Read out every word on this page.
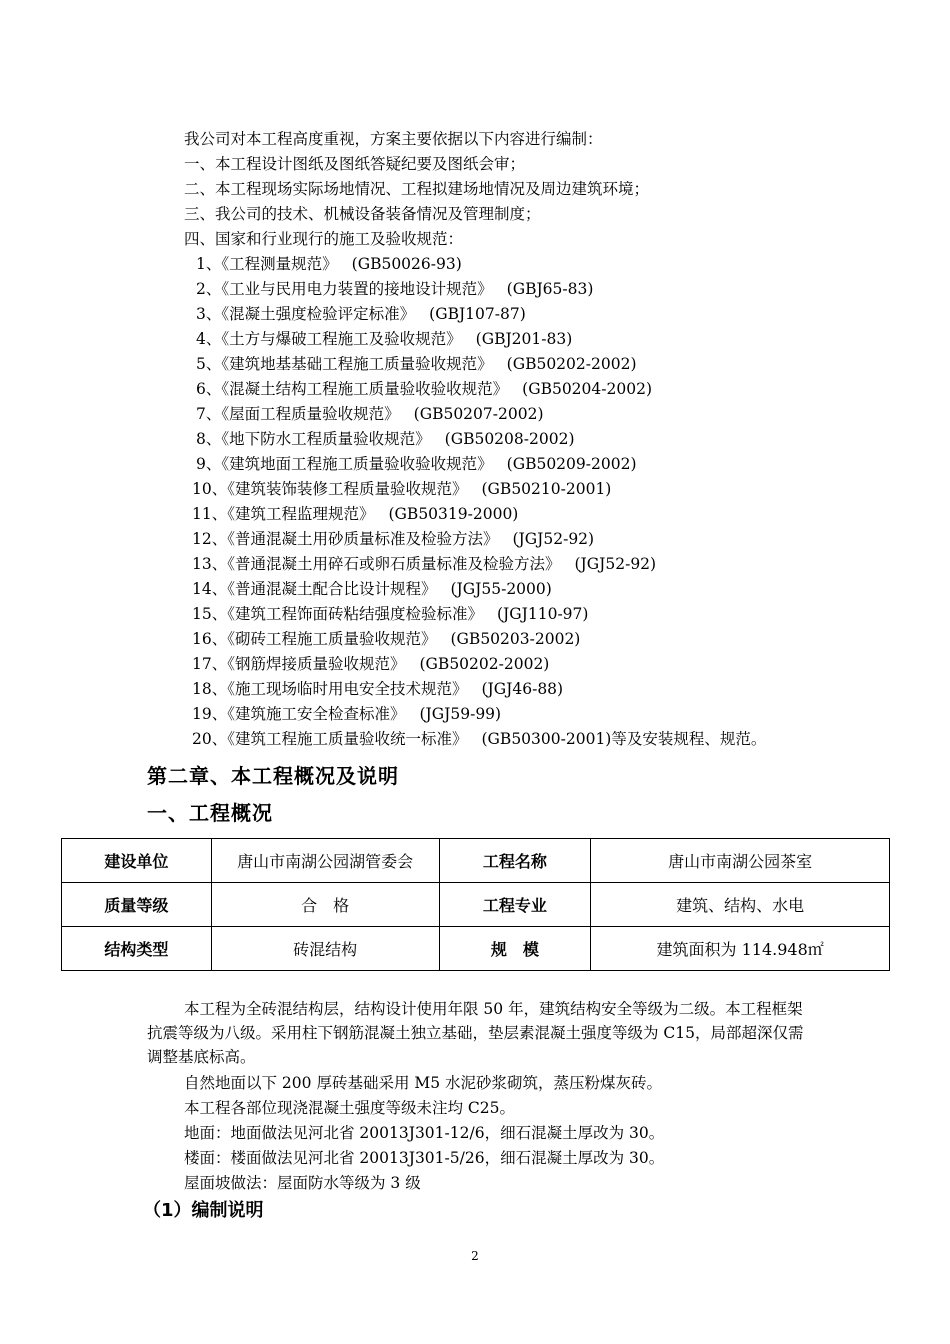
我公司对本工程高度重视，方案主要依据以下内容进行编制：
一、本工程设计图纸及图纸答疑纪要及图纸会审；
二、本工程现场实际场地情况、工程拟建场地情况及周边建筑环境；
三、我公司的技术、机械设备装备情况及管理制度；
四、国家和行业现行的施工及验收规范：
1、《工程测量规范》 (GB50026-93)
2、《工业与民用电力装置的接地设计规范》 (GBJ65-83)
3、《混凝土强度检验评定标准》 (GBJ107-87)
4、《土方与爆破工程施工及验收规范》 (GBJ201-83)
5、《建筑地基基础工程施工质量验收规范》 (GB50202-2002)
6、《混凝土结构工程施工质量验收验收规范》 (GB50204-2002)
7、《屋面工程质量验收规范》 (GB50207-2002)
8、《地下防水工程质量验收规范》 (GB50208-2002)
9、《建筑地面工程施工质量验收验收规范》 (GB50209-2002)
10、《建筑装饰装修工程质量验收规范》 (GB50210-2001)
11、《建筑工程监理规范》 (GB50319-2000)
12、《普通混凝土用砂质量标准及检验方法》 (JGJ52-92)
13、《普通混凝土用碎石或卵石质量标准及检验方法》 (JGJ52-92)
14、《普通混凝土配合比设计规程》 (JGJ55-2000)
15、《建筑工程饰面砖粘结强度检验标准》 (JGJ110-97)
16、《砌砖工程施工质量验收规范》 (GB50203-2002)
17、《钢筋焊接质量验收规范》 (GB50202-2002)
18、《施工现场临时用电安全技术规范》 (JGJ46-88)
19、《建筑施工安全检查标准》 (JGJ59-99)
20、《建筑工程施工质量验收统一标准》 (GB50300-2001)等及安装规程、规范。
第二章、本工程概况及说明
一、工程概况
建设单位	唐山市南湖公园湖管委会	工程名称	唐山市南湖公园茶室
质量等级	合　格	工程专业	建筑、结构、水电
结构类型	砖混结构	规　模	建筑面积为 114.948㎡
本工程为全砖混结构层，结构设计使用年限 50 年，建筑结构安全等级为二级。本工程框架抗震等级为八级。采用柱下钢筋混凝土独立基础，垫层素混凝土强度等级为 C15，局部超深仅需调整基底标高。
自然地面以下 200 厚砖基础采用 M5 水泥砂浆砌筑，蒸压粉煤灰砖。
本工程各部位现浇混凝土强度等级未注均 C25。
地面：地面做法见河北省 20013J301-12/6，细石混凝土厚改为 30。
楼面：楼面做法见河北省 20013J301-5/26，细石混凝土厚改为 30。
屋面坡做法：屋面防水等级为 3 级
（1）编制说明
2
